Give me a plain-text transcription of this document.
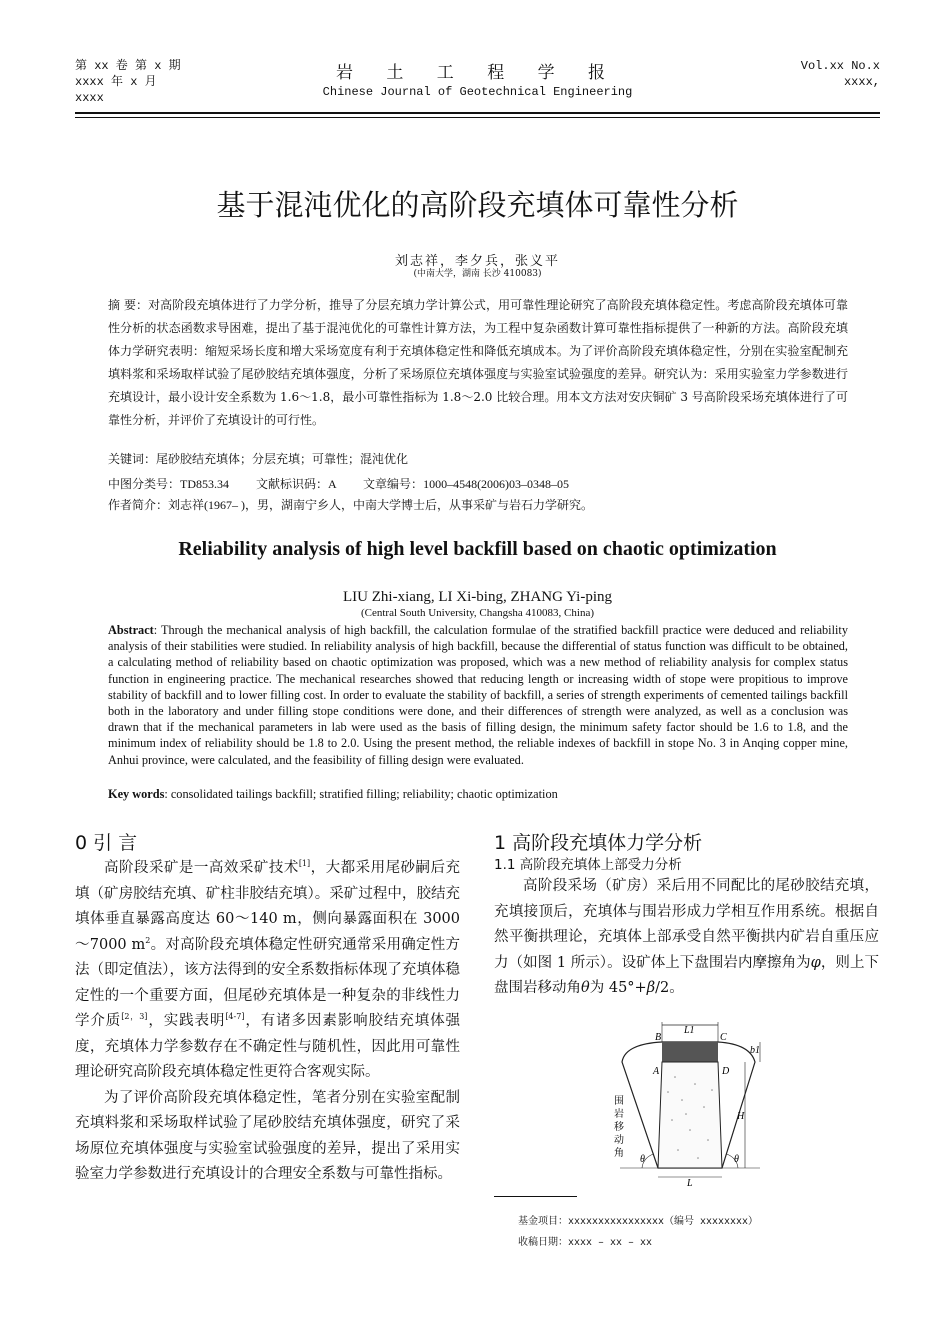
第 xx 卷 第 x 期
xxxx 年 x 月
xxxx
岩 土 工 程 学 报
Chinese Journal of Geotechnical Engineering
Vol.xx No.x
xxxx,
基于混沌优化的高阶段充填体可靠性分析
刘志祥，李夕兵，张义平
(中南大学，湖南 长沙 410083)
摘 要：对高阶段充填体进行了力学分析，推导了分层充填力学计算公式，用可靠性理论研究了高阶段充填体稳定性。考虑高阶段充填体可靠性分析的状态函数求导困难，提出了基于混沌优化的可靠性计算方法，为工程中复杂函数计算可靠性指标提供了一种新的方法。高阶段充填体力学研究表明：缩短采场长度和增大采场宽度有利于充填体稳定性和降低充填成本。为了评价高阶段充填体稳定性，分别在实验室配制充填料浆和采场取样试验了尾砂胶结充填体强度，分析了采场原位充填体强度与实验室试验强度的差异。研究认为：采用实验室力学参数进行充填设计，最小设计安全系数为 1.6～1.8，最小可靠性指标为 1.8～2.0 比较合理。用本文方法对安庆铜矿 3 号高阶段采场充填体进行了可靠性分析，并评价了充填设计的可行性。
关键词：尾砂胶结充填体；分层充填；可靠性；混沌优化
中图分类号：TD853.34 文献标识码：A 文章编号：1000–4548(2006)03–0348–05
作者简介：刘志祥(1967– )，男，湖南宁乡人，中南大学博士后，从事采矿与岩石力学研究。
Reliability analysis of high level backfill based on chaotic optimization
LIU Zhi-xiang, LI Xi-bing, ZHANG Yi-ping
(Central South University, Changsha 410083, China)
Abstract: Through the mechanical analysis of high backfill, the calculation formulae of the stratified backfill practice were deduced and reliability analysis of their stabilities were studied. In reliability analysis of high backfill, because the differential of status function was difficult to be obtained, a calculating method of reliability based on chaotic optimization was proposed, which was a new method of reliability analysis for complex status function in engineering practice. The mechanical researches showed that reducing length or increasing width of stope were propitious to improve stability of backfill and to lower filling cost. In order to evaluate the stability of backfill, a series of strength experiments of cemented tailings backfill both in the laboratory and under filling stope conditions were done, and their differences of strength were analyzed, as well as a conclusion was drawn that if the mechanical parameters in lab were used as the basis of filling design, the minimum safety factor should be 1.6 to 1.8, and the minimum index of reliability should be 1.8 to 2.0. Using the present method, the reliable indexes of backfill in stope No. 3 in Anqing copper mine, Anhui province, were calculated, and the feasibility of filling design were evaluated.
Key words: consolidated tailings backfill; stratified filling; reliability; chaotic optimization
0 引 言

高阶段采矿是一高效采矿技术[1]，大都采用尾砂嗣后充填（矿房胶结充填、矿柱非胶结充填）。采矿过程中，胶结充填体垂直暴露高度达 60～140 m，侧向暴露面积在 3000～7000 $m^2$。对高阶段充填体稳定性研究通常采用确定性方法（即定值法），该方法得到的安全系数指标体现了充填体稳定性的一个重要方面，但尾砂充填体是一种复杂的非线性力学介质[2，3]，实践表明[4-7]，有诸多因素影响胶结充填体强度，充填体力学参数存在不确定性与随机性，因此用可靠性理论研究高阶段充填体稳定性更符合客观实际。

为了评价高阶段充填体稳定性，笔者分别在实验室配制充填料浆和采场取样试验了尾砂胶结充填体强度，研究了采场原位充填体强度与实验室试验强度的差异，提出了采用实验室力学参数进行充填设计的合理安全系数与可靠性指标。

1 高阶段充填体力学分析
1.1 高阶段充填体上部受力分析

高阶段采场（矿房）采后用不同配比的尾砂胶结充填，充填接顶后，充填体与围岩形成力学相互作用系统。根据自然平衡拱理论，充填体上部承受自然平衡拱内矿岩自重压应力（如图 1 所示）。设矿体上下盘围岩内摩擦角为φ，则上下盘围岩移动角θ为 45°+β/2。

L1
B	C
b1
A	D
H
L
θ	θ
围
岩
移
动
角
基金项目：xxxxxxxxxxxxxxxx（编号 xxxxxxxx）
收稿日期：xxxx – xx – xx
